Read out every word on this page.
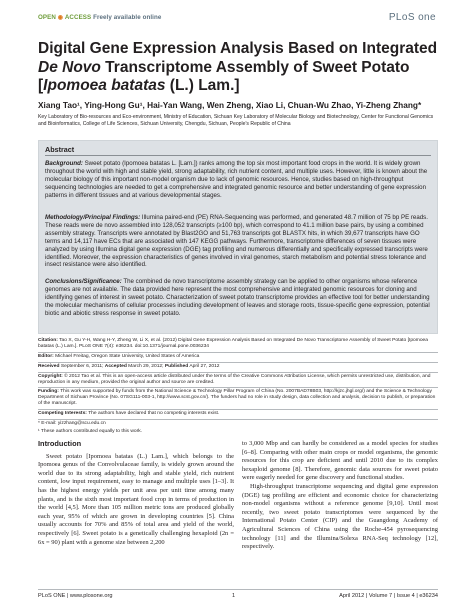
OPEN ◉ ACCESS Freely available online	PLoS one
Digital Gene Expression Analysis Based on Integrated De Novo Transcriptome Assembly of Sweet Potato [Ipomoea batatas (L.) Lam.]
Xiang Tao¹, Ying-Hong Gu¹, Hai-Yan Wang, Wen Zheng, Xiao Li, Chuan-Wu Zhao, Yi-Zheng Zhang*
Key Laboratory of Bio-resources and Eco-environment, Ministry of Education, Sichuan Key Laboratory of Molecular Biology and Biotechnology, Center for Functional Genomics and Bioinformatics, College of Life Sciences, Sichuan University, Chengdu, Sichuan, People's Republic of China
Abstract
Background: Sweet potato (Ipomoea batatas L. [Lam.]) ranks among the top six most important food crops in the world. It is widely grown throughout the world with high and stable yield, strong adaptability, rich nutrient content, and multiple uses. However, little is known about the molecular biology of this important non-model organism due to lack of genomic resources. Hence, studies based on high-throughput sequencing technologies are needed to get a comprehensive and integrated genomic resource and better understanding of gene expression patterns in different tissues and at various developmental stages.
Methodology/Principal Findings: Illumina paired-end (PE) RNA-Sequencing was performed, and generated 48.7 million of 75 bp PE reads. These reads were de novo assembled into 128,052 transcripts (≥100 bp), which correspond to 41.1 million base pairs, by using a combined assembly strategy. Transcripts were annotated by Blast2GO and 51,763 transcripts got BLASTX hits, in which 39,677 transcripts have GO terms and 14,117 have ECs that are associated with 147 KEGG pathways. Furthermore, transcriptome differences of seven tissues were analyzed by using Illumina digital gene expression (DGE) tag profiling and numerous differentially and specifically expressed transcripts were identified. Moreover, the expression characteristics of genes involved in viral genomes, starch metabolism and potential stress tolerance and insect resistance were also identified.
Conclusions/Significance: The combined de novo transcriptome assembly strategy can be applied to other organisms whose reference genomes are not available. The data provided here represent the most comprehensive and integrated genomic resources for cloning and identifying genes of interest in sweet potato. Characterization of sweet potato transcriptome provides an effective tool for better understanding the molecular mechanisms of cellular processes including development of leaves and storage roots, tissue-specific gene expression, potential biotic and abiotic stress response in sweet potato.
Citation: Tao X, Gu Y-H, Wang H-Y, Zheng W, Li X, et al. (2012) Digital Gene Expression Analysis Based on Integrated De Novo Transcriptome Assembly of Sweet Potato [Ipomoea batatas (L.) Lam.]. PLoS ONE 7(4): e36234. doi:10.1371/journal.pone.0036234
Editor: Michael Freitag, Oregon State University, United States of America
Received September 6, 2011; Accepted March 29, 2012; Published April 27, 2012
Copyright: © 2012 Tao et al. This is an open-access article distributed under the terms of the Creative Commons Attribution License, which permits unrestricted use, distribution, and reproduction in any medium, provided the original author and source are credited.
Funding: This work was supported by funds from the National Science & Technology Pillar Program of China (No. 2007BAD78B03, http://kjzc.jhgl.org/) and the Science & Technology Department of Sichuan Province (No. 07SG111-003-1, http://www.scst.gov.cn/). The funders had no role in study design, data collection and analysis, decision to publish, or preparation of the manuscript.
Competing Interests: The authors have declared that no competing interests exist.
* E-mail: yizzhang@scu.edu.cn
¹ These authors contributed equally to this work.
Introduction

Sweet potato [Ipomoea batatas (L.) Lam.], which belongs to the Ipomoea genus of the Convolvulaceae family, is widely grown around the world due to its strong adaptability, high and stable yield, rich nutrient content, low input requirement, easy to manage and multiple uses [1–3]. It has the highest energy yields per unit area per unit time among many plants, and is the sixth most important food crop in terms of production in the world [4,5]. More than 105 million metric tons are produced globally each year, 95% of which are grown in developing countries [5]. China usually accounts for 70% and 85% of total area and yield of the world, respectively [6]. Sweet potato is a genetically challenging hexaploid (2n = 6x = 90) plant with a genome size between 2,200

to 3,000 Mbp and can hardly be considered as a model species for studies [6–8]. Comparing with other main crops or model organisms, the genomic resources for this crop are deficient and until 2010 due to its complex hexaploid genome [8]. Therefore, genomic data sources for sweet potato were eagerly needed for gene discovery and functional studies.

High-throughput transcriptome sequencing and digital gene expression (DGE) tag profiling are efficient and economic choice for characterizing non-model organisms without a reference genome [9,10]. Until most recently, two sweet potato transcriptomes were sequenced by the International Potato Center (CIP) and the Guangdong Academy of Agricultural Sciences of China using the Roche-454 pyrosequencing technology [11] and the Illumina/Solexa RNA-Seq technology [12], respectively.

PLoS ONE | www.plosone.org	1	April 2012 | Volume 7 | Issue 4 | e36234
